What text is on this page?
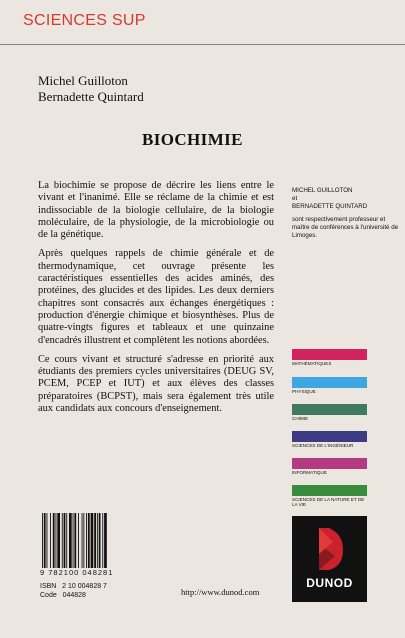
SCIENCES SUP
Michel Guilloton
Bernadette Quintard
BIOCHIMIE

La biochimie se propose de décrire les liens entre le vivant et l'inanimé. Elle se réclame de la chimie et est indissociable de la biologie cellulaire, de la biologie moléculaire, de la physiologie, de la microbiologie ou de la génétique.

Après quelques rappels de chimie générale et de thermodynamique, cet ouvrage présente les caractéristiques essentielles des acides aminés, des protéines, des glucides et des lipides. Les deux derniers chapitres sont consacrés aux échanges énergétiques : production d'énergie chimique et biosynthèses. Plus de quatre-vingts figures et tableaux et une quinzaine d'encadrés illustrent et complètent les notions abordées.

Ce cours vivant et structuré s'adresse en priorité aux étudiants des premiers cycles universitaires (DEUG SV, PCEM, PCEP et IUT) et aux élèves des classes préparatoires (BCPST), mais sera également très utile aux candidats aux concours d'enseignement.

MICHEL GUILLOTON
et
BERNADETTE QUINTARD

sont respectivement professeur et maître de conférences à l'université de Limoges.

MATHÉMATIQUES
PHYSIQUE
CHIMIE
SCIENCES DE L'INGÉNIEUR
INFORMATIQUE
SCIENCES DE LA NATURE ET DE LA VIE
DUNOD
9 782100 048281
ISBN   2 10 004828 7
Code   044828	http://www.dunod.com
